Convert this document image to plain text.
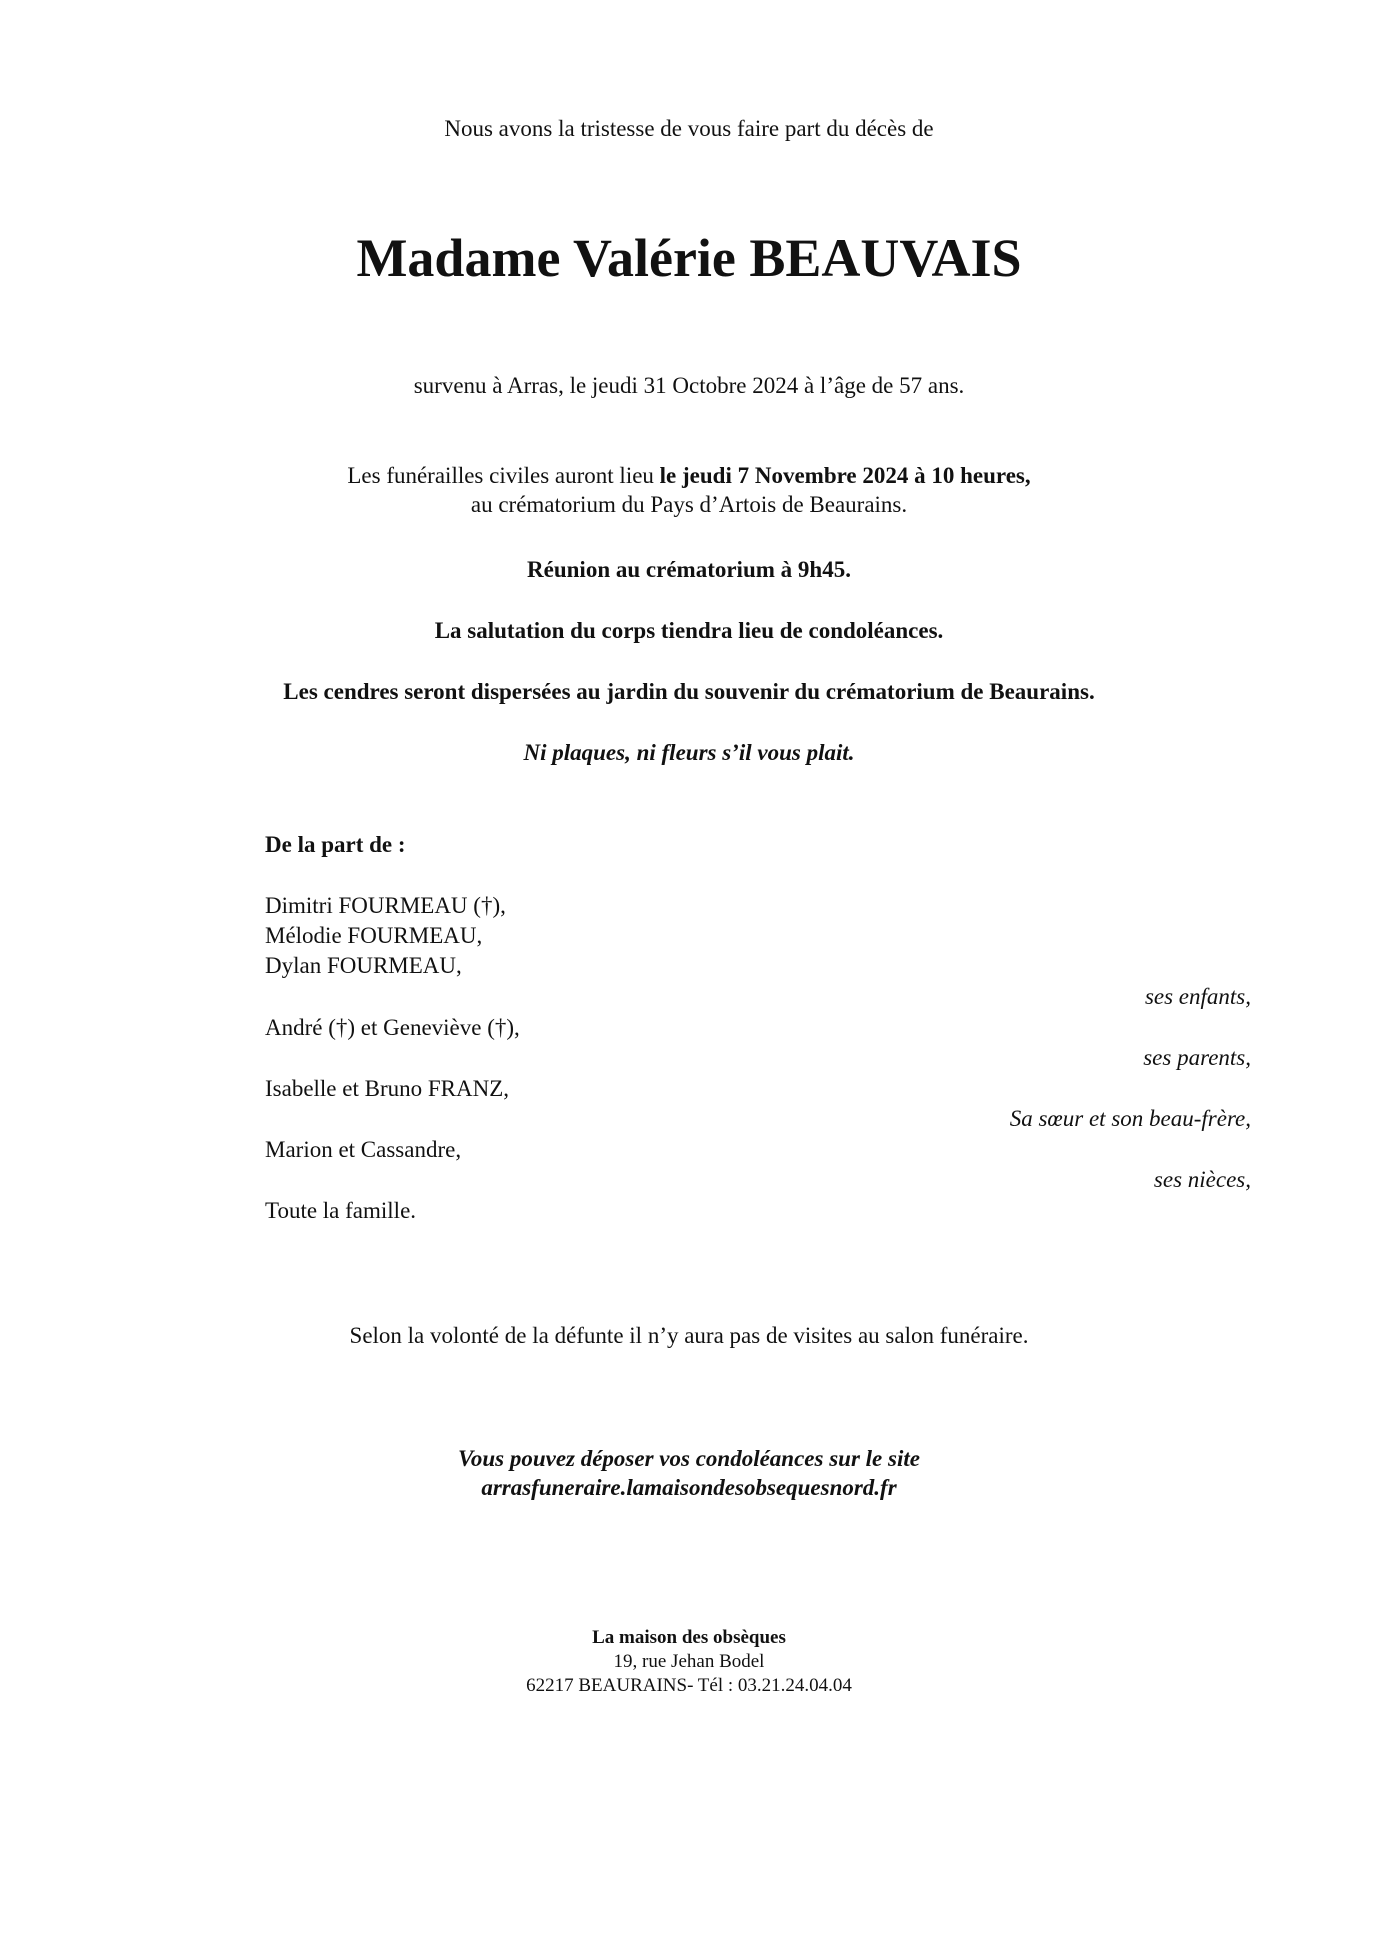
Nous avons la tristesse de vous faire part du décès de
Madame Valérie BEAUVAIS
survenu à Arras, le jeudi 31 Octobre 2024 à l’âge de 57 ans.
Les funérailles civiles auront lieu le jeudi 7 Novembre 2024 à 10 heures,
au crématorium du Pays d’Artois de Beaurains.
Réunion au crématorium à 9h45.
La salutation du corps tiendra lieu de condoléances.
Les cendres seront dispersées au jardin du souvenir du crématorium de Beaurains.
Ni plaques, ni fleurs s’il vous plait.
De la part de :
Dimitri FOURMEAU (†),
Mélodie FOURMEAU,
Dylan FOURMEAU,
ses enfants,
André (†) et Geneviève (†),
ses parents,
Isabelle et Bruno FRANZ,
Sa sœur et son beau-frère,
Marion et Cassandre,
ses nièces,
Toute la famille.
Selon la volonté de la défunte il n’y aura pas de visites au salon funéraire.
Vous pouvez déposer vos condoléances sur le site
arrasfuneraire.lamaisondesobsequesnord.fr
La maison des obsèques
19, rue Jehan Bodel
62217 BEAURAINS- Tél : 03.21.24.04.04
